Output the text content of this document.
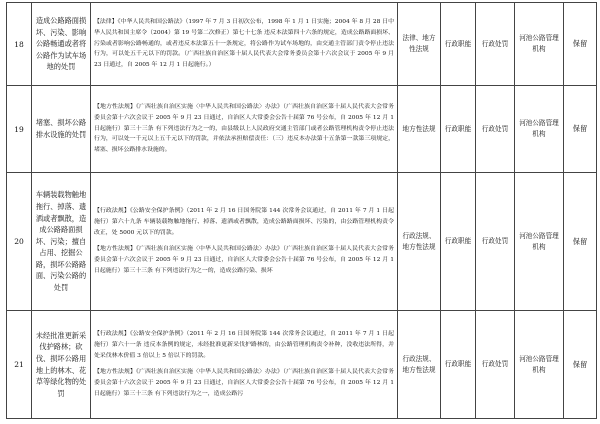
18	造成公路路面损坏、污染、影响公路畅通或者将公路作为试车场地的处罚	【法律】《中华人民共和国公路法》（1997 年 7 月 3 日初次公布，1998 年 1 月 1 日实施；2004 年 8 月 28 日中华人民共和国主席令（2004）第 19 号第二次修正）第七十七条 违反本法第四十六条的规定，造成公路路面损坏、污染或者影响公路畅通的，或者违反本法第五十一条规定，将公路作为试车场地的，由交通主管部门责令停止违法行为，可以处五千元以下的罚款。（广西壮族自治区第十届人民代表大会常务委员会第十六次会议于 2005 年 9 月 23 日通过，自 2005 年 12 月 1 日起施行。）	法律、地方性法规	行政职能	行政处罚	河池公路管理机构	保留	
19	堵塞、损坏公路排水设施的处罚	【地方性法规】《广西壮族自治区实施〈中华人民共和国公路法〉办法》（广西壮族自治区第十届人民代表大会常务委员会第十六次会议于 2005 年 9 月 23 日通过，自治区人大常委会公告十届第 76 号公布，自 2005 年 12 月 1 日起施行）第三十三条 有下列违法行为之一的，由县级以上人民政府交通主管部门或者公路管理机构责令停止违法行为，可以处一千元以上五千元以下的罚款，并依法承担赔偿责任：（三）违反本办法第十五条第一款第三项规定，堵塞、损坏公路排水设施的。	地方性法规	行政职能	行政处罚	河池公路管理机构	保留	
20	车辆装载物触地拖行、掉落、遗洒或者飘散，造成公路路面损坏、污染；擅自占用、挖掘公路，损坏公路路面、污染公路的处罚	【行政法规】《公路安全保护条例》（2011 年 2 月 16 日国务院第 144 次常务会议通过，自 2011 年 7 月 1 日起施行）第六十九条 车辆装载物触地拖行、掉落、遗洒或者飘散，造成公路路面损坏、污染的，由公路管理机构责令改正，处 5000 元以下的罚款。
【地方性法规】《广西壮族自治区实施〈中华人民共和国公路法〉办法》（广西壮族自治区第十届人民代表大会常务委员会第十六次会议于 2005 年 9 月 23 日通过，自治区人大常委会公告十届第 76 号公布，自 2005 年 12 月 1 日起施行）第三十三条 有下列违法行为之一的，造成公路污染、损坏	行政法规、地方性法规	行政职能	行政处罚	河池公路管理机构	保留	
21	未经批准更新采伐护路林；砍伐、损坏公路用地上的林木、花草等绿化物的处罚	【行政法规】《公路安全保护条例》（2011 年 2 月 16 日国务院第 144 次常务会议通过，自 2011 年 7 月 1 日起施行）第六十一条 违反本条例的规定，未经批准更新采伐护路林的，由公路管理机构责令补种，没收违法所得，并处采伐林木价值 3 倍以上 5 倍以下的罚款。
【地方性法规】《广西壮族自治区实施〈中华人民共和国公路法〉办法》（广西壮族自治区第十届人民代表大会常务委员会第十六次会议于 2005 年 9 月 23 日通过，自治区人大常委会公告十届第 76 号公布，自 2005 年 12 月 1 日起施行）第三十三条 有下列违法行为之一，造成公路污	行政法规、地方性法规	行政职能	行政处罚	河池公路管理机构	保留	
